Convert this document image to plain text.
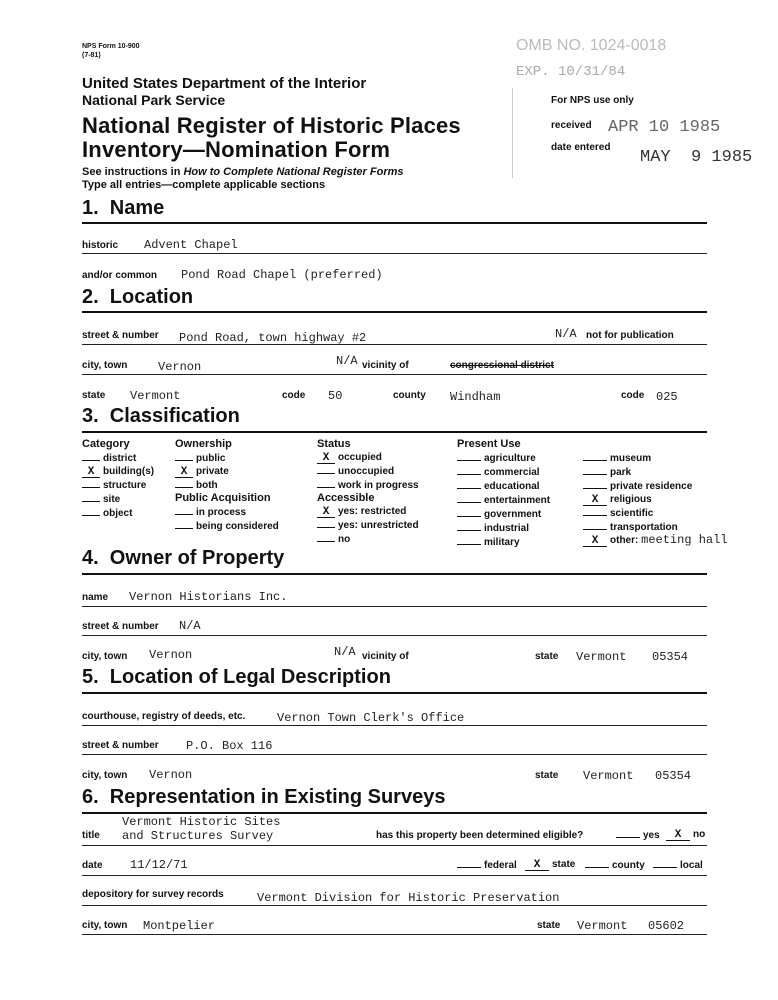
NPS Form 10-900
(7-81)
OMB NO. 1024-0018
EXP. 10/31/84
United States Department of the Interior
National Park Service	For NPS use only
National Register of Historic Places
Inventory—Nomination Form
received APR 10 1985
date entered
MAY  9 1985
See instructions in How to Complete National Register Forms
Type all entries—complete applicable sections
1.  Name
historic Advent Chapel
and/or common Pond Road Chapel (preferred)
2.  Location
street & number Pond Road, town highway #2	N/A not for publication
city, town	Vernon	N/A vicinity of	congressional district
state Vermont	code 50	county Windham	code 025
3.  Classification
Category
district
X building(s)
structure
site
object
Ownership
public
X private
both
Public Acquisition
in process
being considered
Status
X occupied
unoccupied
work in progress
Accessible
X yes: restricted
yes: unrestricted
no
Present Use
agriculture
commercial
educational
entertainment
government
industrial
military
museum
park
private residence
X religious
scientific
transportation
X other: meeting hall
4.  Owner of Property
name Vernon Historians Inc.
street & number N/A
city, town Vernon	N/A vicinity of	state Vermont 05354
5.  Location of Legal Description
courthouse, registry of deeds, etc.	Vernon Town Clerk's Office
street & number P.O. Box 116
city, town Vernon	state Vermont 05354
6.  Representation in Existing Surveys
Vermont Historic Sites
title and Structures Survey	has this property been determined eligible?	yes	X no
date 11/12/71	federal	X state	county	local
depository for survey records	Vermont Division for Historic Preservation
city, town Montpelier	state Vermont 05602
